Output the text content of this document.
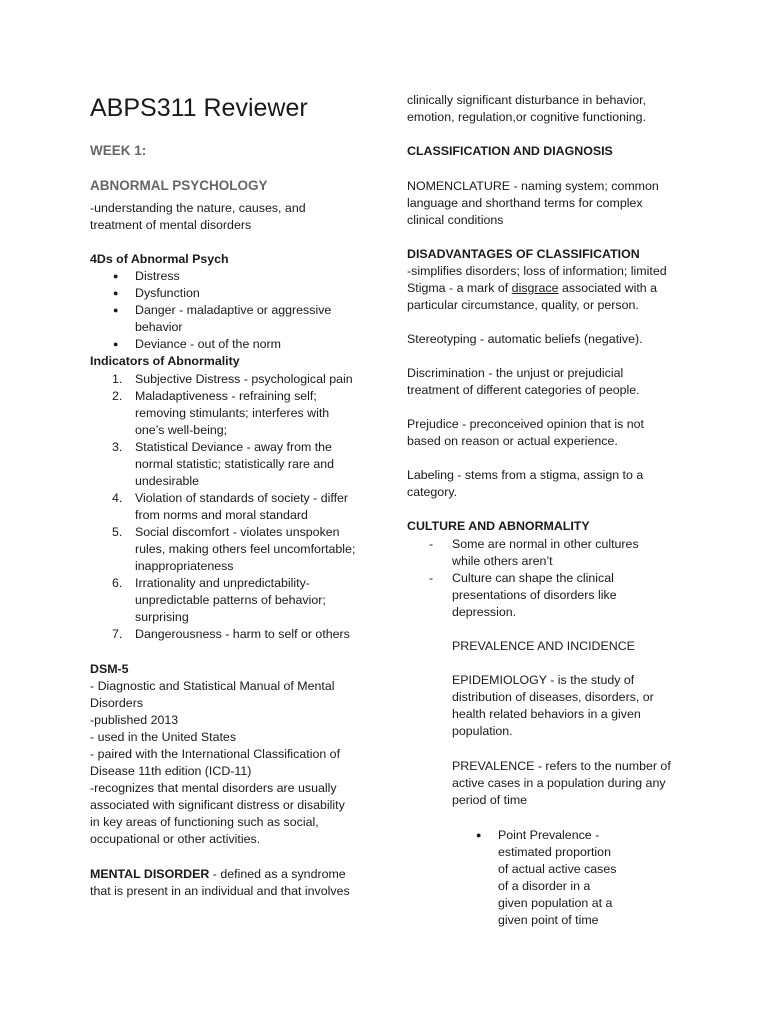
ABPS311 Reviewer

WEEK 1:

ABNORMAL PSYCHOLOGY

-understanding the nature, causes, and treatment of mental disorders

4Ds of Abnormal Psych

● Distress
● Dysfunction
● Danger - maladaptive or aggressive behavior
● Deviance - out of the norm

Indicators of Abnormality

1. Subjective Distress - psychological pain
2. Maladaptiveness - refraining self; removing stimulants; interferes with one’s well-being;
3. Statistical Deviance - away from the normal statistic; statistically rare and undesirable
4. Violation of standards of society - differ from norms and moral standard
5. Social discomfort - violates unspoken rules, making others feel uncomfortable; inappropriateness
6. Irrationality and unpredictability- unpredictable patterns of behavior; surprising
7. Dangerousness - harm to self or others

DSM-5

- Diagnostic and Statistical Manual of Mental Disorders

-published 2013

- used in the United States

- paired with the International Classification of Disease 11th edition (ICD-11)

-recognizes that mental disorders are usually associated with significant distress or disability in key areas of functioning such as social, occupational or other activities.

MENTAL DISORDER - defined as a syndrome that is present in an individual and that involves

clinically significant disturbance in behavior, emotion, regulation,or cognitive functioning.

CLASSIFICATION AND DIAGNOSIS

NOMENCLATURE - naming system; common language and shorthand terms for complex clinical conditions

DISADVANTAGES OF CLASSIFICATION

-simplifies disorders; loss of information; limited

Stigma - a mark of disgrace associated with a particular circumstance, quality, or person.

Stereotyping - automatic beliefs (negative).

Discrimination - the unjust or prejudicial treatment of different categories of people.

Prejudice - preconceived opinion that is not based on reason or actual experience.

Labeling - stems from a stigma, assign to a category.

CULTURE AND ABNORMALITY

- Some are normal in other cultures while others aren’t
- Culture can shape the clinical presentations of disorders like depression.

PREVALENCE AND INCIDENCE

EPIDEMIOLOGY - is the study of distribution of diseases, disorders, or health related behaviors in a given population.

PREVALENCE - refers to the number of active cases in a population during any period of time

● Point Prevalence - estimated proportion of actual active cases of a disorder in a given population at a given point of time
